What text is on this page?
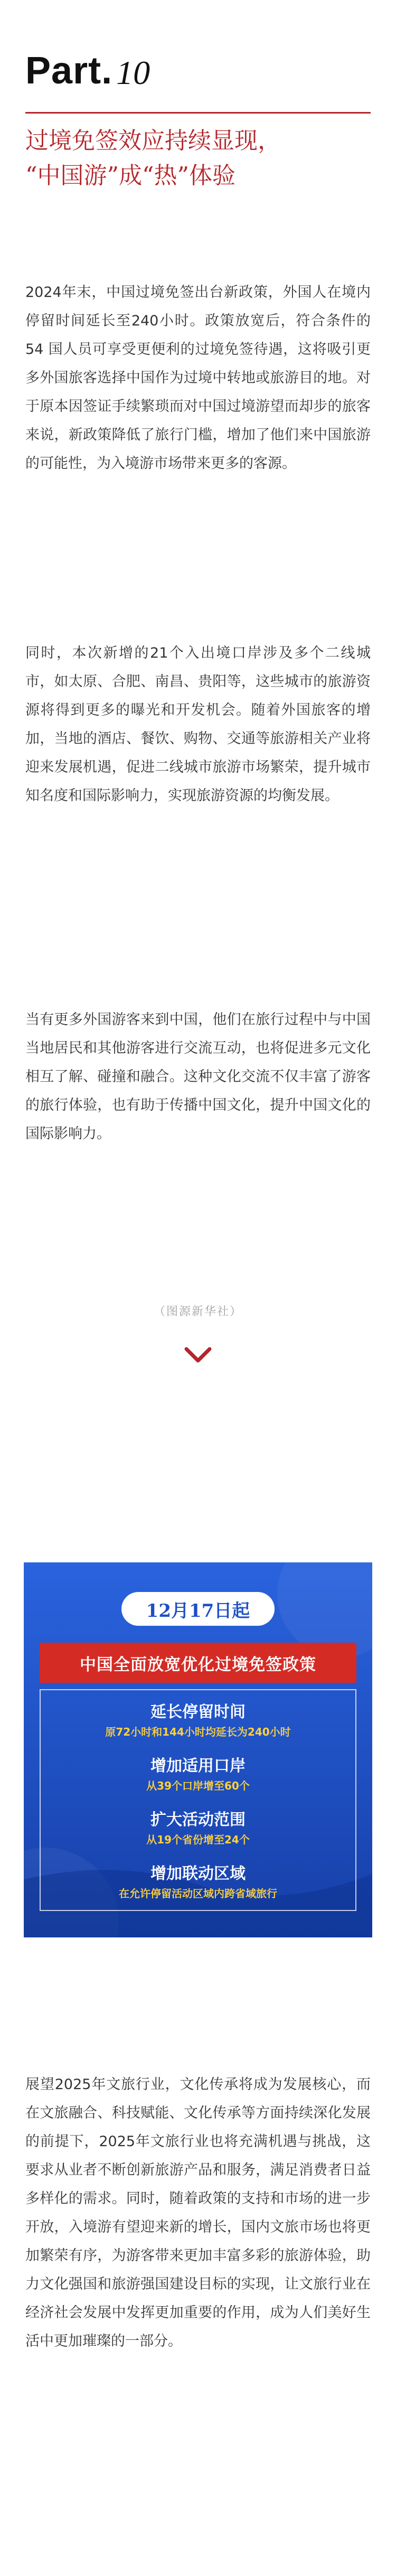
Part . 10
过境免签效应持续显现，
“中国游”成“热”体验
2024年末，中国过境免签出台新政策，外国人在境内停留时间延长至240小时。政策放宽后，符合条件的 54 国人员可享受更便利的过境免签待遇，这将吸引更多外国旅客选择中国作为过境中转地或旅游目的地。对于原本因签证手续繁琐而对中国过境游望而却步的旅客来说，新政策降低了旅行门槛，增加了他们来中国旅游的可能性，为入境游市场带来更多的客源。
同时，本次新增的21个入出境口岸涉及多个二线城市，如太原、合肥、南昌、贵阳等，这些城市的旅游资源将得到更多的曝光和开发机会。随着外国旅客的增加，当地的酒店、餐饮、购物、交通等旅游相关产业将迎来发展机遇，促进二线城市旅游市场繁荣，提升城市知名度和国际影响力，实现旅游资源的均衡发展。
当有更多外国游客来到中国，他们在旅行过程中与中国当地居民和其他游客进行交流互动，也将促进多元文化相互了解、碰撞和融合。这种文化交流不仅丰富了游客的旅行体验，也有助于传播中国文化，提升中国文化的国际影响力。
（图源新华社）
12月17日起
中国全面放宽优化过境免签政策
延长停留时间
原72小时和144小时均延长为240小时
增加适用口岸
从39个口岸增至60个
扩大活动范围
从19个省份增至24个
增加联动区域
在允许停留活动区域内跨省域旅行
展望2025年文旅行业，文化传承将成为发展核心，而在文旅融合、科技赋能、文化传承等方面持续深化发展的前提下，2025年文旅行业也将充满机遇与挑战，这要求从业者不断创新旅游产品和服务，满足消费者日益多样化的需求。同时，随着政策的支持和市场的进一步开放，入境游有望迎来新的增长，国内文旅市场也将更加繁荣有序，为游客带来更加丰富多彩的旅游体验，助力文化强国和旅游强国建设目标的实现，让文旅行业在经济社会发展中发挥更加重要的作用，成为人们美好生活中更加璀璨的一部分。
